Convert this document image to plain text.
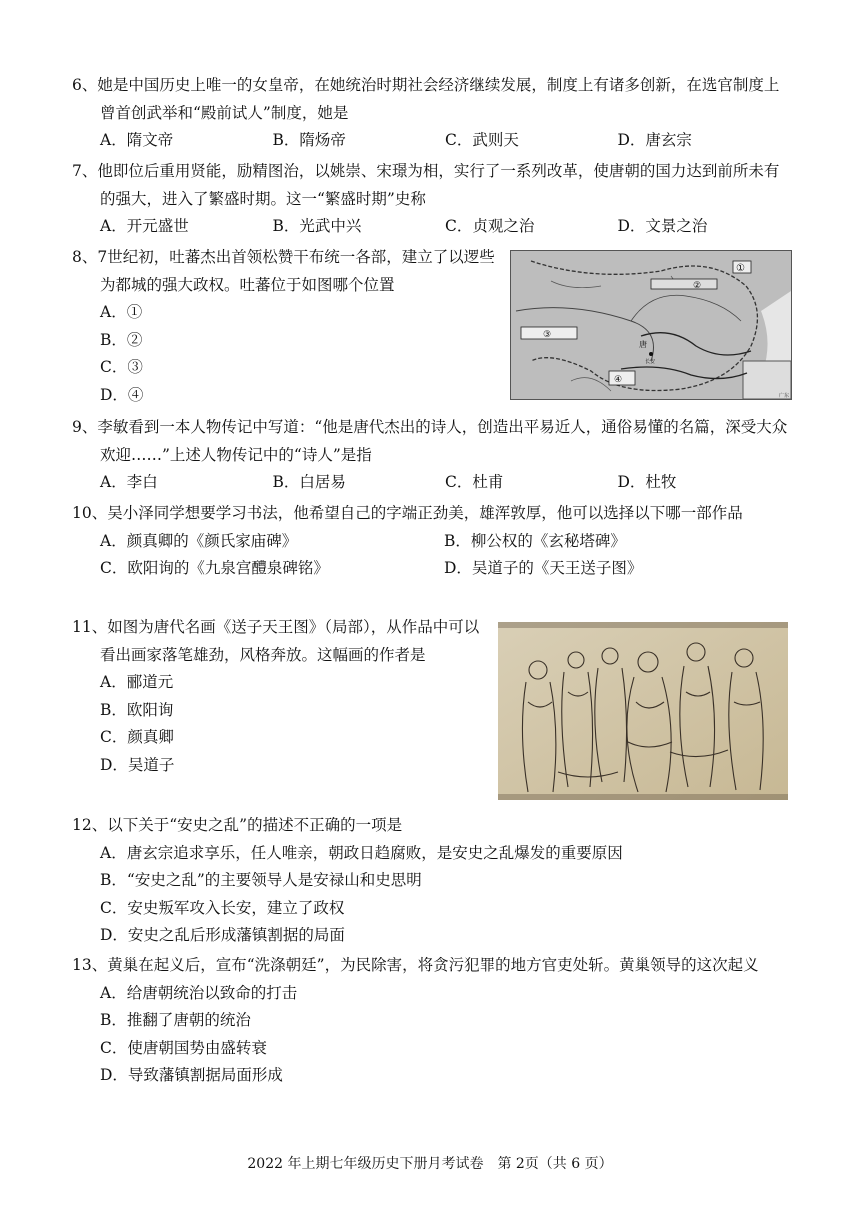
6、她是中国历史上唯一的女皇帝，在她统治时期社会经济继续发展，制度上有诸多创新，在选官制度上曾首创武举和“殿前试人”制度，她是
A．隋文帝	B．隋炀帝	C．武则天	D．唐玄宗
7、他即位后重用贤能，励精图治，以姚崇、宋璟为相，实行了一系列改革，使唐朝的国力达到前所未有的强大，进入了繁盛时期。这一“繁盛时期”史称
A．开元盛世	B．光武中兴	C．贞观之治	D．文景之治
8、7世纪初，吐蕃杰出首领松赞干布统一各部，建立了以逻些为都城的强大政权。吐蕃位于如图哪个位置
A．①
B．②
C．③
D．④	广东
①
②
③
④
唐
长安
9、李敏看到一本人物传记中写道：“他是唐代杰出的诗人，创造出平易近人，通俗易懂的名篇，深受大众欢迎……”上述人物传记中的“诗人”是指
A．李白	B．白居易	C．杜甫	D．杜牧
10、吴小泽同学想要学习书法，他希望自己的字端正劲美，雄浑敦厚，他可以选择以下哪一部作品
A．颜真卿的《颜氏家庙碑》	B．柳公权的《玄秘塔碑》
C．欧阳询的《九泉宫醴泉碑铭》	D．吴道子的《天王送子图》
11、如图为唐代名画《送子天王图》（局部），从作品中可以看出画家落笔雄劲，风格奔放。这幅画的作者是
A．郦道元
B．欧阳询
C．颜真卿
D．吴道子
12、以下关于“安史之乱”的描述不正确的一项是
A．唐玄宗追求享乐，任人唯亲，朝政日趋腐败，是安史之乱爆发的重要原因
B．“安史之乱”的主要领导人是安禄山和史思明
C．安史叛军攻入长安，建立了政权
D．安史之乱后形成藩镇割据的局面
13、黄巢在起义后，宣布“洗涤朝廷”，为民除害，将贪污犯罪的地方官吏处斩。黄巢领导的这次起义
A．给唐朝统治以致命的打击
B．推翻了唐朝的统治
C．使唐朝国势由盛转衰
D．导致藩镇割据局面形成
2022 年上期七年级历史下册月考试卷　第 2页（共 6 页）
